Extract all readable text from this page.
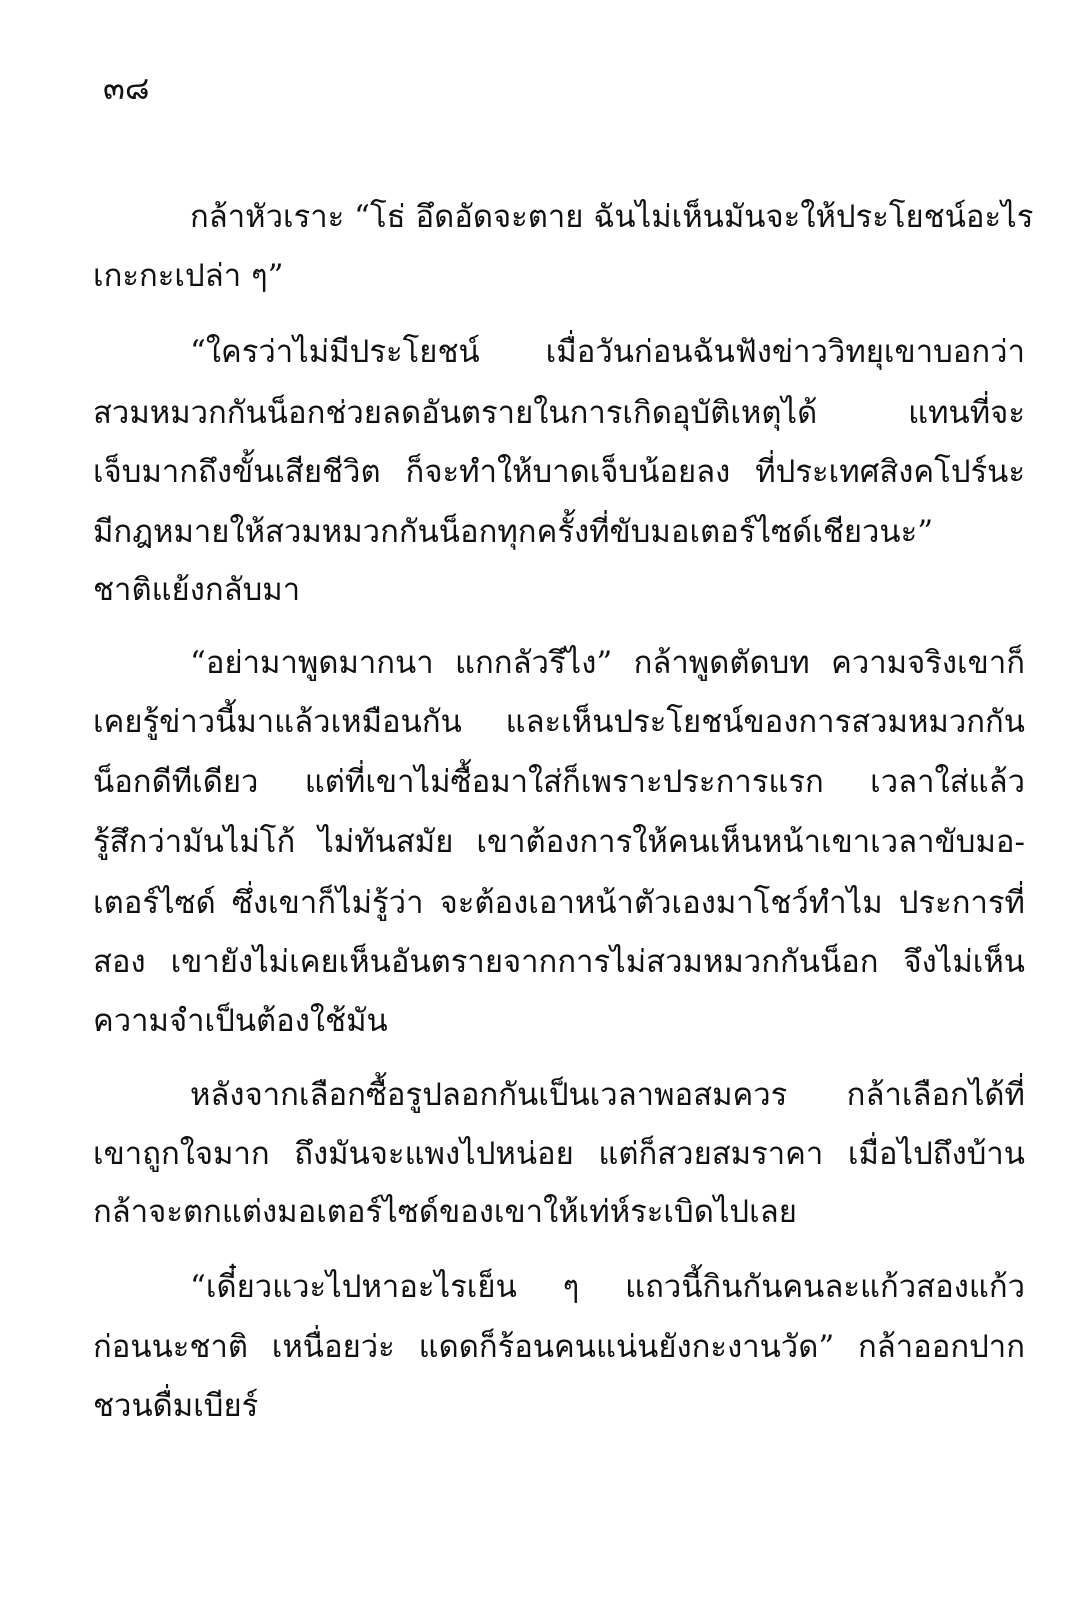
๓๘

กล้าหัวเราะ “โธ่ อึดอัดจะตาย ฉันไม่เห็นมันจะให้ประโยชน์อะไร

เกะกะเปล่า ๆ”

“ใครว่าไม่มีประโยชน์ เมื่อวันก่อนฉันฟังข่าววิทยุเขาบอกว่า

สวมหมวกกันน็อกช่วยลดอันตรายในการเกิดอุบัติเหตุได้ แทนที่จะ

เจ็บมากถึงขั้นเสียชีวิต ก็จะทำให้บาดเจ็บน้อยลง ที่ประเทศสิงคโปร์นะ

มีกฎหมายให้สวมหมวกกันน็อกทุกครั้งที่ขับมอเตอร์ไซด์เชียวนะ”

ชาติแย้งกลับมา

“อย่ามาพูดมากนา แกกลัวรึไง” กล้าพูดตัดบท ความจริงเขาก็

เคยรู้ข่าวนี้มาแล้วเหมือนกัน และเห็นประโยชน์ของการสวมหมวกกัน

น็อกดีทีเดียว แต่ที่เขาไม่ซื้อมาใส่ก็เพราะประการแรก เวลาใส่แล้ว

รู้สึกว่ามันไม่โก้ ไม่ทันสมัย เขาต้องการให้คนเห็นหน้าเขาเวลาขับมอ-

เตอร์ไซด์ ซึ่งเขาก็ไม่รู้ว่า จะต้องเอาหน้าตัวเองมาโชว์ทำไม ประการที่

สอง เขายังไม่เคยเห็นอันตรายจากการไม่สวมหมวกกันน็อก จึงไม่เห็น

ความจำเป็นต้องใช้มัน

หลังจากเลือกซื้อรูปลอกกันเป็นเวลาพอสมควร กล้าเลือกได้ที่

เขาถูกใจมาก ถึงมันจะแพงไปหน่อย แต่ก็สวยสมราคา เมื่อไปถึงบ้าน

กล้าจะตกแต่งมอเตอร์ไซด์ของเขาให้เท่ห์ระเบิดไปเลย

“เดี๋ยวแวะไปหาอะไรเย็น ๆ แถวนี้กินกันคนละแก้วสองแก้ว

ก่อนนะชาติ เหนื่อยว่ะ แดดก็ร้อนคนแน่นยังกะงานวัด” กล้าออกปาก

ชวนดื่มเบียร์
